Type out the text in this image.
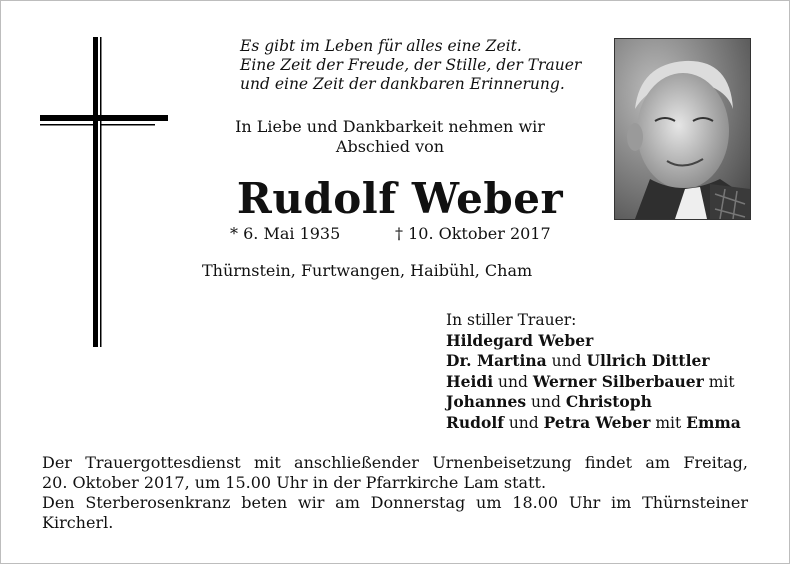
Es gibt im Leben für alles eine Zeit.
Eine Zeit der Freude, der Stille, der Trauer
und eine Zeit der dankbaren Erinnerung.
In Liebe und Dankbarkeit nehmen wir
Abschied von
Rudolf Weber
* 6. Mai 1935	† 10. Oktober 2017
Thürnstein, Furtwangen, Haibühl, Cham
In stiller Trauer:
Hildegard Weber
Dr. Martina und Ullrich Dittler
Heidi und Werner Silberbauer mit
Johannes und Christoph
Rudolf und Petra Weber mit Emma

Der Trauergottesdienst mit anschließender Urnenbeisetzung findet am Freitag,

20. Oktober 2017, um 15.00 Uhr in der Pfarrkirche Lam statt.

Den Sterberosenkranz beten wir am Donnerstag um 18.00 Uhr im Thürnsteiner

Kircherl.
